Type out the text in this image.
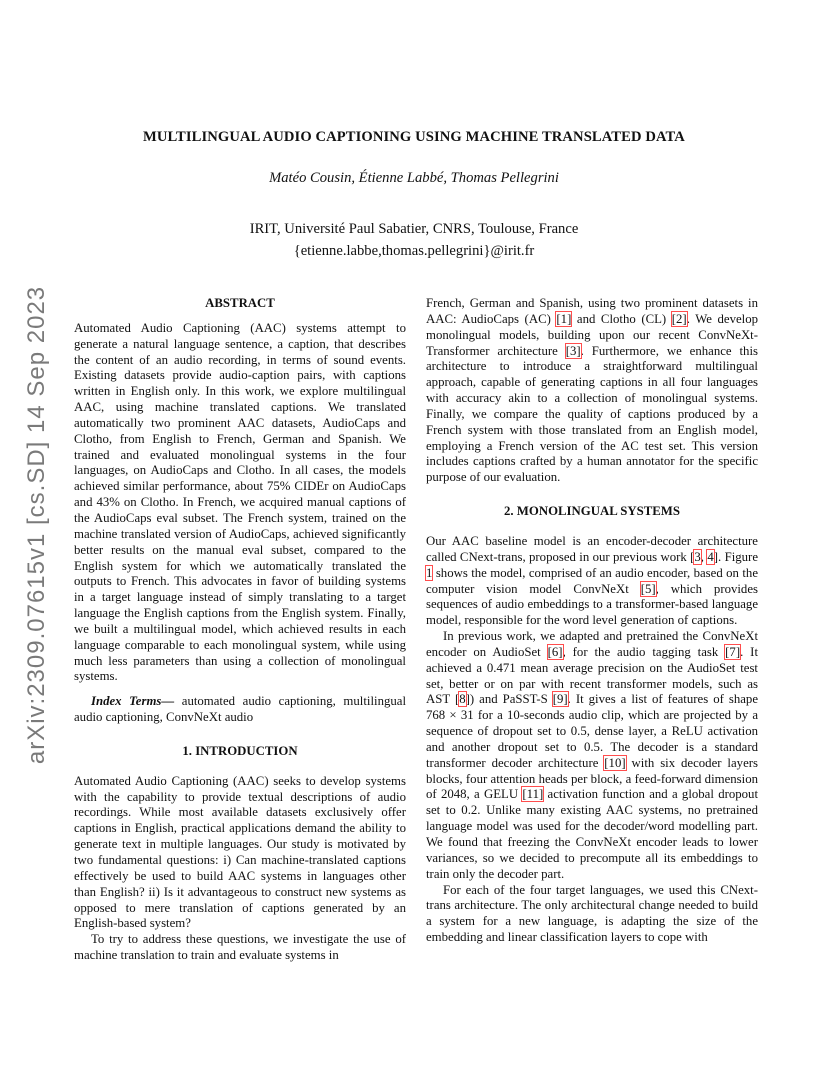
arXiv:2309.07615v1 [cs.SD] 14 Sep 2023
MULTILINGUAL AUDIO CAPTIONING USING MACHINE TRANSLATED DATA
Matéo Cousin, Étienne Labbé, Thomas Pellegrini
IRIT, Université Paul Sabatier, CNRS, Toulouse, France
{etienne.labbe,thomas.pellegrini}@irit.fr

ABSTRACT

Automated Audio Captioning (AAC) systems attempt to generate a natural language sentence, a caption, that describes the content of an audio recording, in terms of sound events. Existing datasets provide audio-caption pairs, with captions written in English only. In this work, we explore multilingual AAC, using machine translated captions. We translated automatically two prominent AAC datasets, AudioCaps and Clotho, from English to French, German and Spanish. We trained and evaluated monolingual systems in the four languages, on AudioCaps and Clotho. In all cases, the models achieved similar performance, about 75% CIDEr on AudioCaps and 43% on Clotho. In French, we acquired manual captions of the AudioCaps eval subset. The French system, trained on the machine translated version of AudioCaps, achieved significantly better results on the manual eval subset, compared to the English system for which we automatically translated the outputs to French. This advocates in favor of building systems in a target language instead of simply translating to a target language the English captions from the English system. Finally, we built a multilingual model, which achieved results in each language comparable to each monolingual system, while using much less parameters than using a collection of monolingual systems.

Index Terms— automated audio captioning, multilingual audio captioning, ConvNeXt audio

1. INTRODUCTION

Automated Audio Captioning (AAC) seeks to develop systems with the capability to provide textual descriptions of audio recordings. While most available datasets exclusively offer captions in English, practical applications demand the ability to generate text in multiple languages. Our study is motivated by two fundamental questions: i) Can machine-translated captions effectively be used to build AAC systems in languages other than English? ii) Is it advantageous to construct new systems as opposed to mere translation of captions generated by an English-based system?

To try to address these questions, we investigate the use of machine translation to train and evaluate systems in

French, German and Spanish, using two prominent datasets in AAC: AudioCaps (AC) [1] and Clotho (CL) [2]. We develop monolingual models, building upon our recent ConvNeXt-Transformer architecture [3]. Furthermore, we enhance this architecture to introduce a straightforward multilingual approach, capable of generating captions in all four languages with accuracy akin to a collection of monolingual systems. Finally, we compare the quality of captions produced by a French system with those translated from an English model, employing a French version of the AC test set. This version includes captions crafted by a human annotator for the specific purpose of our evaluation.

2. MONOLINGUAL SYSTEMS

Our AAC baseline model is an encoder-decoder architecture called CNext-trans, proposed in our previous work [3, 4]. Figure 1 shows the model, comprised of an audio encoder, based on the computer vision model ConvNeXt [5], which provides sequences of audio embeddings to a transformer-based language model, responsible for the word level generation of captions.

In previous work, we adapted and pretrained the ConvNeXt encoder on AudioSet [6], for the audio tagging task [7]. It achieved a 0.471 mean average precision on the AudioSet test set, better or on par with recent transformer models, such as AST [8]) and PaSST-S [9]. It gives a list of features of shape 768 × 31 for a 10-seconds audio clip, which are projected by a sequence of dropout set to 0.5, dense layer, a ReLU activation and another dropout set to 0.5. The decoder is a standard transformer decoder architecture [10] with six decoder layers blocks, four attention heads per block, a feed-forward dimension of 2048, a GELU [11] activation function and a global dropout set to 0.2. Unlike many existing AAC systems, no pretrained language model was used for the decoder/word modelling part. We found that freezing the ConvNeXt encoder leads to lower variances, so we decided to precompute all its embeddings to train only the decoder part.

For each of the four target languages, we used this CNext-trans architecture. The only architectural change needed to build a system for a new language, is adapting the size of the embedding and linear classification layers to cope with
